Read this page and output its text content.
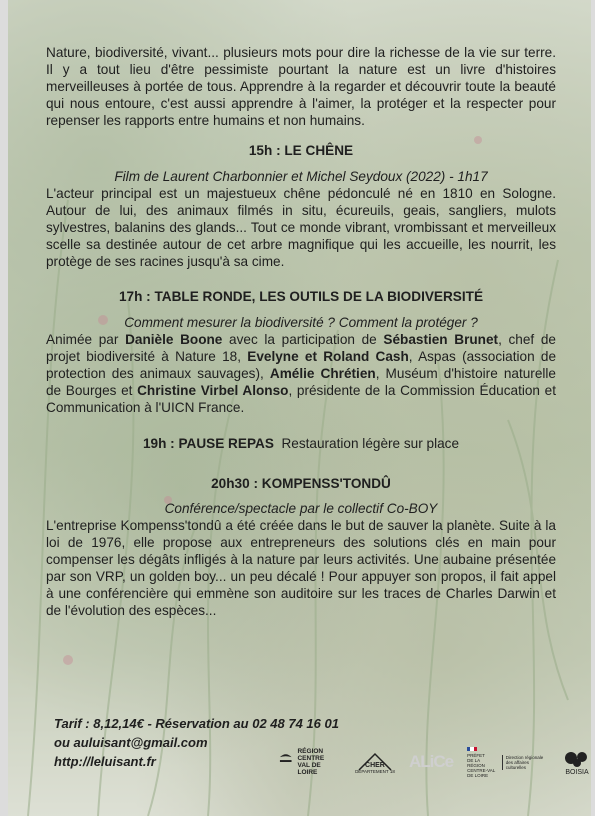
Nature, biodiversité, vivant... plusieurs mots pour dire la richesse de la vie sur terre. Il y a tout lieu d'être pessimiste pourtant la nature est un livre d'histoires merveilleuses à portée de tous. Apprendre à la regarder et découvrir toute la beauté qui nous entoure, c'est aussi apprendre à l'aimer, la protéger et la respecter pour repenser les rapports entre humains et non humains.

15h : LE CHÊNE

Film de Laurent Charbonnier et Michel Seydoux (2022) - 1h17

L'acteur principal est un majestueux chêne pédonculé né en 1810 en Sologne. Autour de lui, des animaux filmés in situ, écureuils, geais, sangliers, mulots sylvestres, balanins des glands... Tout ce monde vibrant, vrombissant et merveilleux scelle sa destinée autour de cet arbre magnifique qui les accueille, les nourrit, les protège de ses racines jusqu'à sa cime.

17h : TABLE RONDE, LES OUTILS DE LA BIODIVERSITÉ

Comment mesurer la biodiversité ? Comment la protéger ?

Animée par Danièle Boone avec la participation de Sébastien Brunet, chef de projet biodiversité à Nature 18, Evelyne et Roland Cash, Aspas (association de protection des animaux sauvages), Amélie Chrétien, Muséum d'histoire naturelle de Bourges et Christine Virbel Alonso, présidente de la Commission Éducation et Communication à l'UICN France.

19h : PAUSE REPAS Restauration légère sur place

20h30 : KOMPENSS'TONDÛ

Conférence/spectacle par le collectif Co-BOY

L'entreprise Kompenss'tondû a été créée dans le but de sauver la planète. Suite à la loi de 1976, elle propose aux entrepreneurs des solutions clés en main pour compenser les dégâts infligés à la nature par leurs activités. Une aubaine présentée par son VRP, un golden boy... un peu décalé ! Pour appuyer son propos, il fait appel à une conférencière qui emmène son auditoire sur les traces de Charles Darwin et de l'évolution des espèces...

Tarif : 8,12,14€ - Réservation au 02 48 74 16 01
ou auluisant@gmail.com
http://leluisant.fr
RÉGION
CENTRE
VAL DE LOIRE
CHER
DÉPARTEMENT 18
ALiCe	PRÉFET
DE LA RÉGION
CENTRE-VAL
DE LOIRE
Direction régionale
des affaires culturelles
BOISIA
